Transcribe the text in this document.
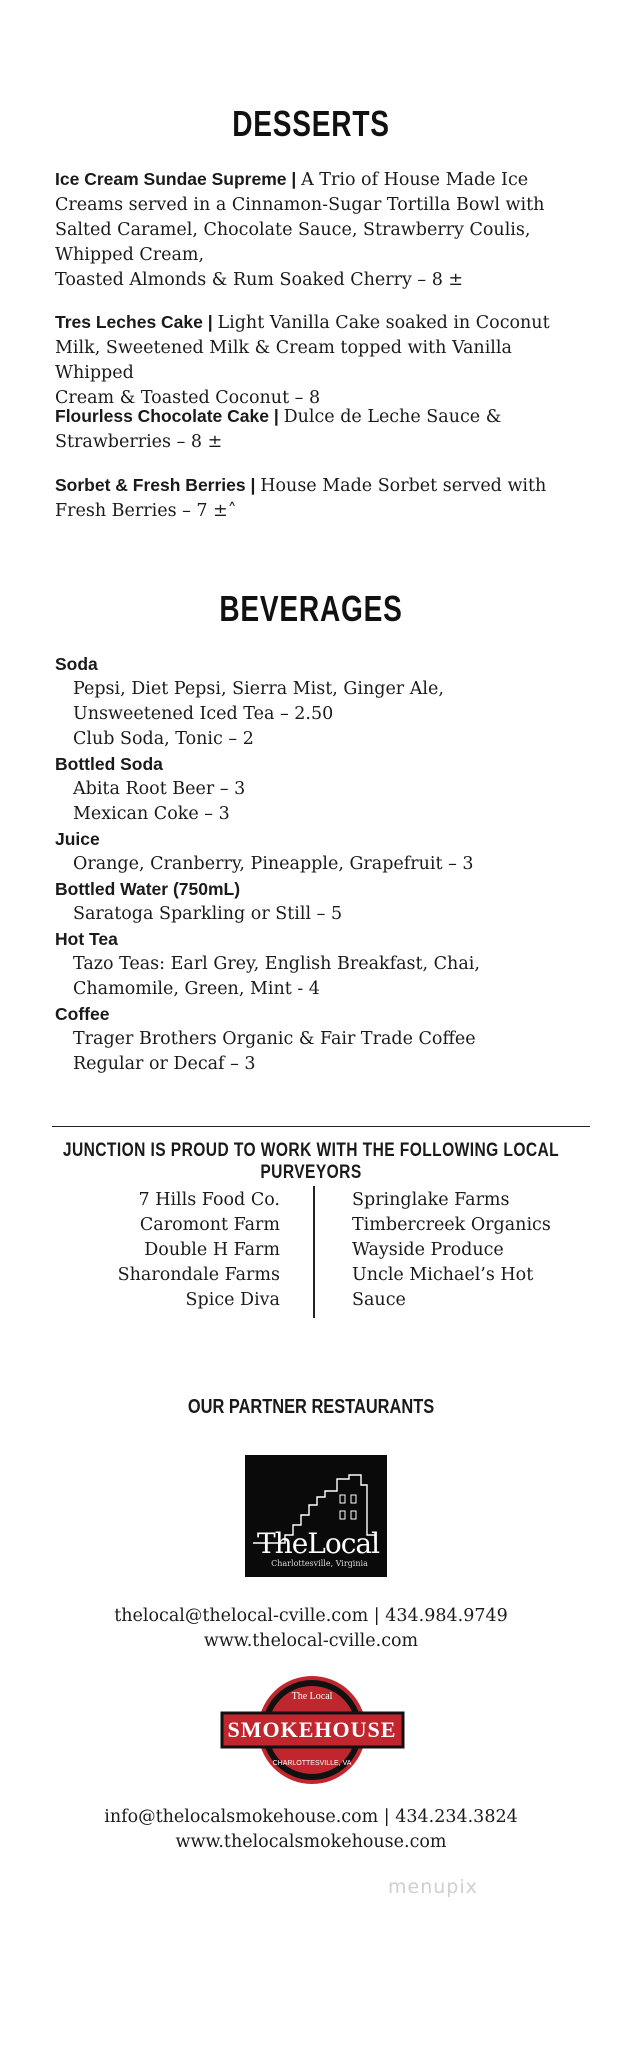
DESSERTS
Ice Cream Sundae Supreme | A Trio of House Made Ice
Creams served in a Cinnamon-Sugar Tortilla Bowl with
Salted Caramel, Chocolate Sauce, Strawberry Coulis,
Whipped Cream,
Toasted Almonds & Rum Soaked Cherry – 8 ±
Tres Leches Cake | Light Vanilla Cake soaked in Coconut
Milk, Sweetened Milk & Cream topped with Vanilla Whipped
Cream & Toasted Coconut – 8
Flourless Chocolate Cake | Dulce de Leche Sauce &
Strawberries – 8 ±
Sorbet & Fresh Berries | House Made Sorbet served with
Fresh Berries – 7 ±˄
BEVERAGES
Soda
Pepsi, Diet Pepsi, Sierra Mist, Ginger Ale,
Unsweetened Iced Tea – 2.50
Club Soda, Tonic – 2
Bottled Soda
Abita Root Beer – 3
Mexican Coke – 3
Juice
Orange, Cranberry, Pineapple, Grapefruit – 3
Bottled Water (750mL)
Saratoga Sparkling or Still – 5
Hot Tea
Tazo Teas: Earl Grey, English Breakfast, Chai,
Chamomile, Green, Mint - 4
Coffee
Trager Brothers Organic & Fair Trade Coffee
Regular or Decaf – 3
JUNCTION IS PROUD TO WORK WITH THE FOLLOWING LOCAL PURVEYORS
7 Hills Food Co.
Caromont Farm
Double H Farm
Sharondale Farms
Spice Diva
Springlake Farms
Timbercreek Organics
Wayside Produce
Uncle Michael’s Hot
Sauce
OUR PARTNER RESTAURANTS
TheLocal
Charlottesville, Virginia
thelocal@thelocal-cville.com | 434.984.9749
www.thelocal-cville.com
SMOKEHOUSE
The Local
CHARLOTTESVILLE, VA
info@thelocalsmokehouse.com | 434.234.3824
www.thelocalsmokehouse.com
menupix
